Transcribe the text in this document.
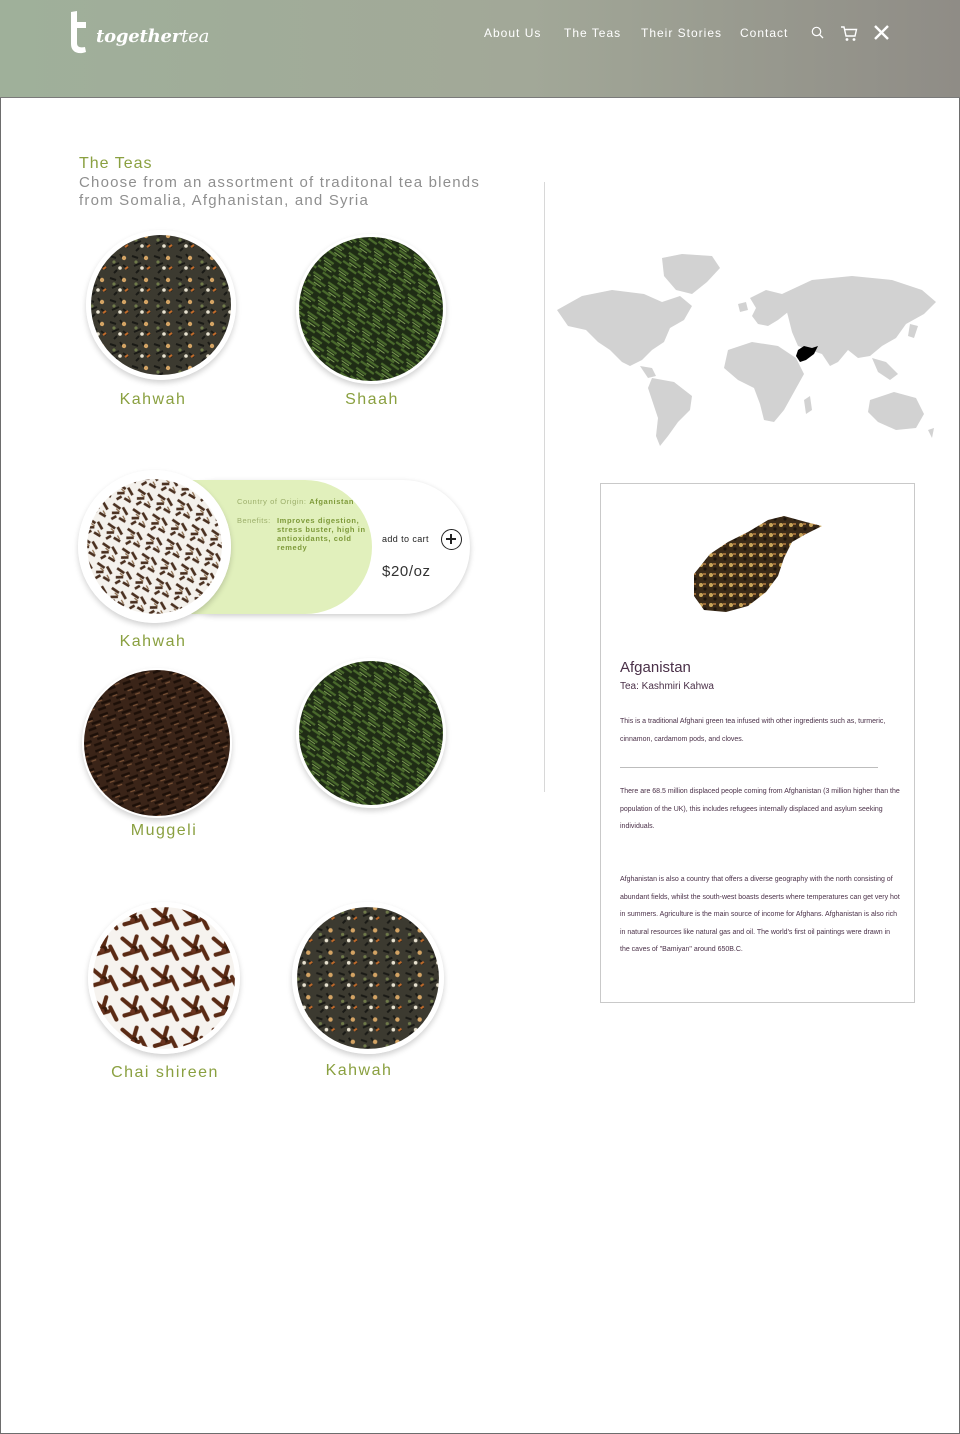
togethertea	About Us	The Teas	Their Stories	Contact
The Teas
Choose from an assortment of traditonal tea blends from Somalia, Afghanistan, and Syria
Kahwah	Shaah
Country of Origin: Afganistan
Benefits: Improves digestion, stress buster, high in antioxidants, cold remedy
add to cart
$20/oz
Kahwah
Muggeli
Chai shireen	Kahwah
Afganistan
Tea: Kashmiri Kahwa
This is a traditional Afghani green tea infused with other ingredients such as, turmeric, cinnamon, cardamom pods, and cloves.
There are 68.5 million displaced people coming from Afghanistan (3 million higher than the population of the UK), this includes refugees internally displaced and asylum seeking individuals.
Afghanistan is also a country that offers a diverse geography with the north consisting of abundant fields, whilst the south-west boasts deserts where temperatures can get very hot in summers. Agriculture is the main source of income for Afghans. Afghanistan is also rich in natural resources like natural gas and oil. The world's first oil paintings were drawn in the caves of "Bamiyan" around 650B.C.
